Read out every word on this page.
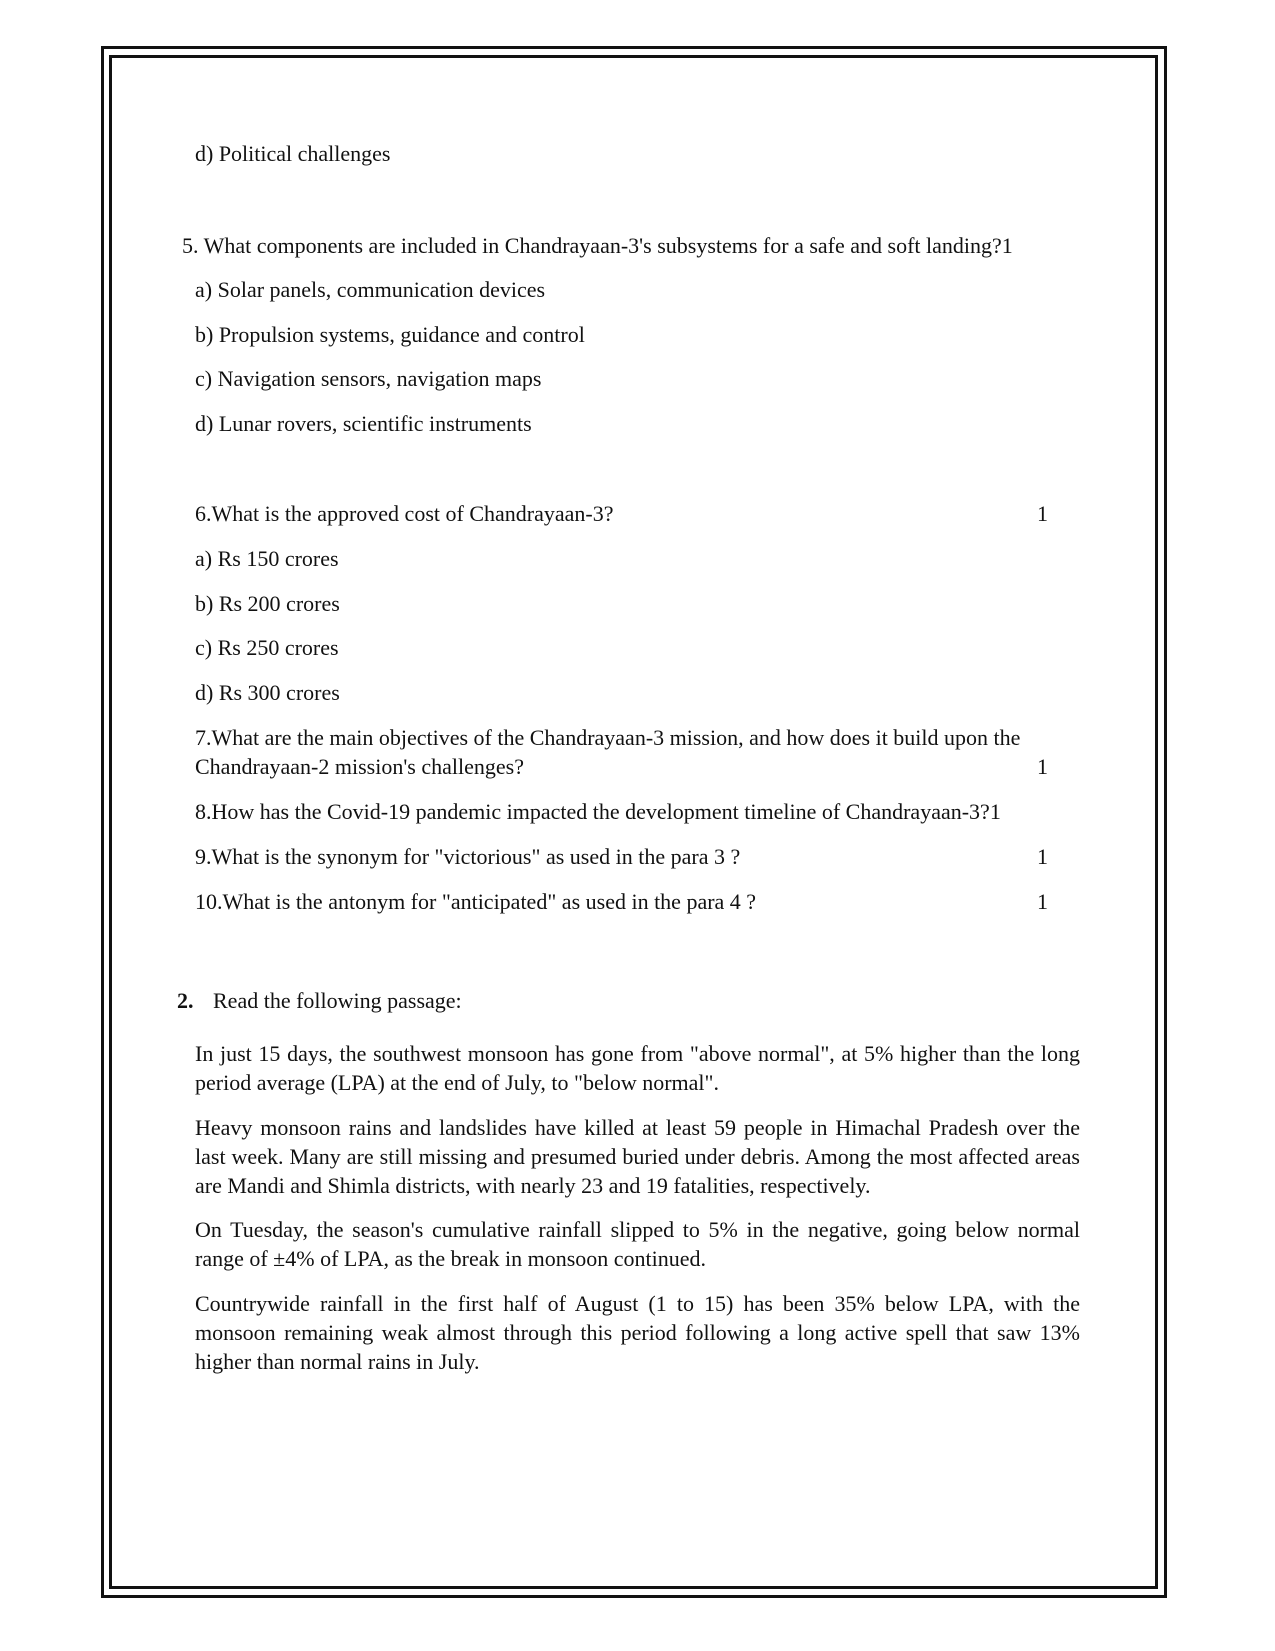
d) Political challenges
5. What components are included in Chandrayaan-3's subsystems for a safe and soft landing?1
a) Solar panels, communication devices
b) Propulsion systems, guidance and control
c) Navigation sensors, navigation maps
d) Lunar rovers, scientific instruments
6.What is the approved cost of Chandrayaan-3?	1
a) Rs 150 crores
b) Rs 200 crores
c) Rs 250 crores
d) Rs 300 crores
7.What are the main objectives of the Chandrayaan-3 mission, and how does it build upon the
Chandrayaan-2 mission's challenges?	1
8.How has the Covid-19 pandemic impacted the development timeline of Chandrayaan-3?1
9.What is the synonym for "victorious" as used in the para 3 ?	1
10.What is the antonym for "anticipated" as used in the para 4 ?	1
2. Read the following passage:
In just 15 days, the southwest monsoon has gone from "above normal", at 5% higher than the long period average (LPA) at the end of July, to "below normal".
Heavy monsoon rains and landslides have killed at least 59 people in Himachal Pradesh over the last week. Many are still missing and presumed buried under debris. Among the most affected areas are Mandi and Shimla districts, with nearly 23 and 19 fatalities, respectively.
On Tuesday, the season's cumulative rainfall slipped to 5% in the negative, going below normal range of ±4% of LPA, as the break in monsoon continued.
Countrywide rainfall in the first half of August (1 to 15) has been 35% below LPA, with the monsoon remaining weak almost through this period following a long active spell that saw 13% higher than normal rains in July.
